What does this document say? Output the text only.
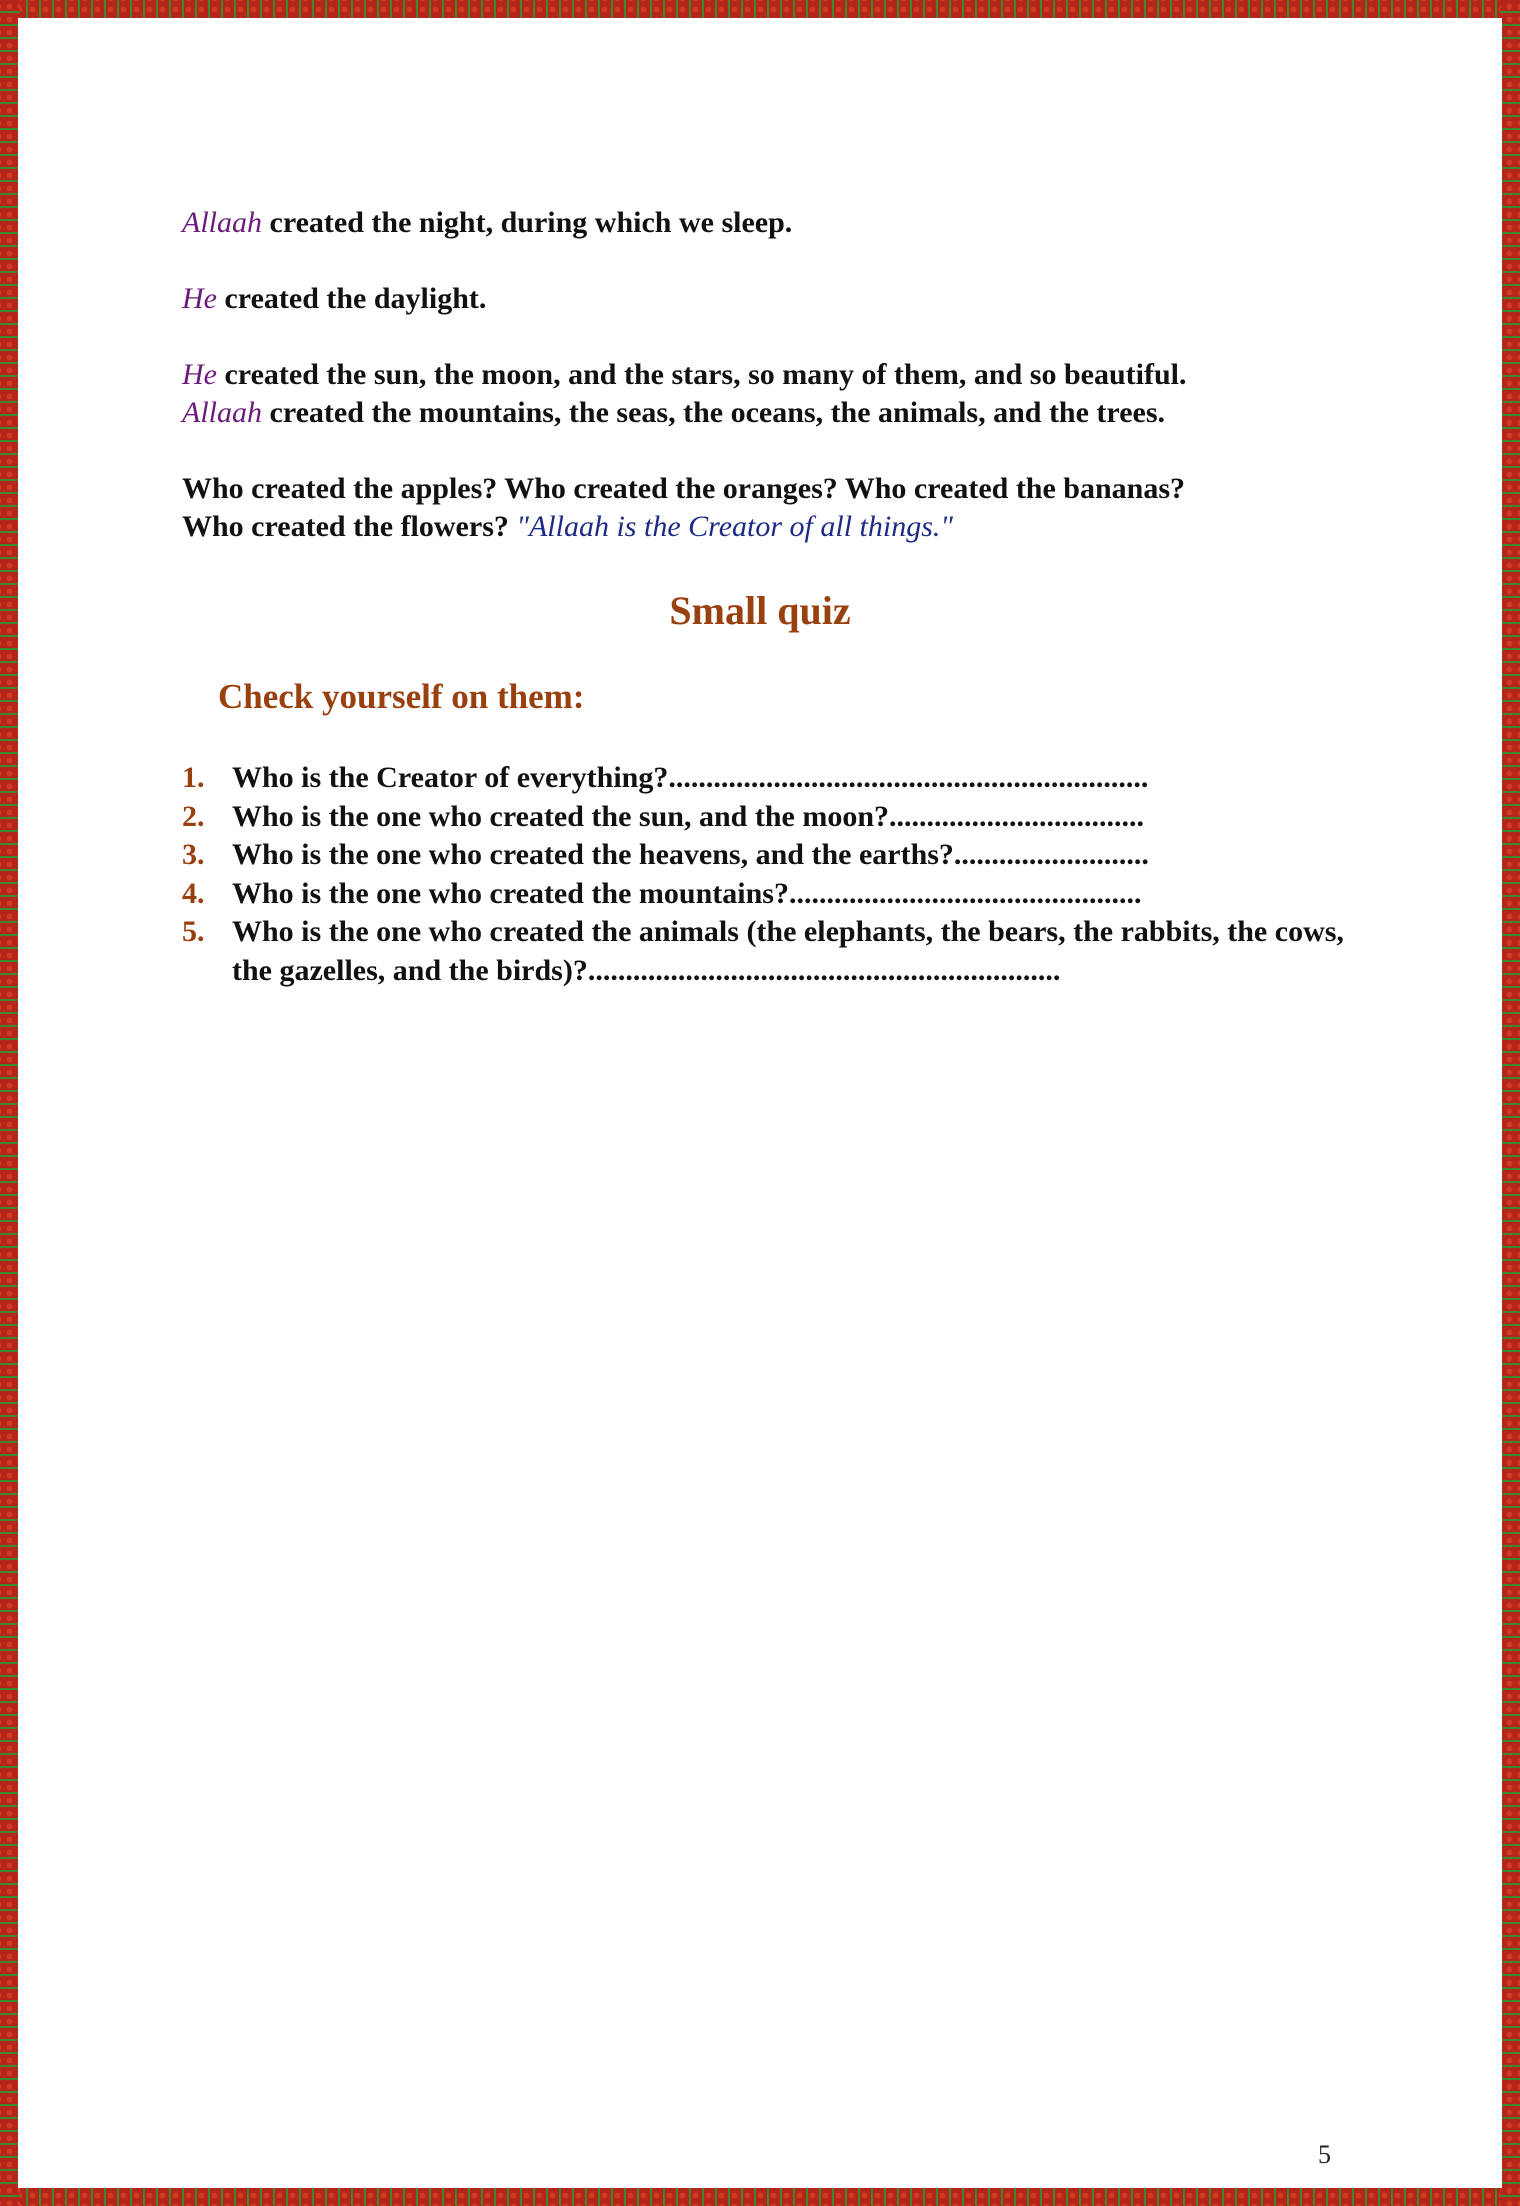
Allaah created the night, during which we sleep.

He created the daylight.

He created the sun, the moon, and the stars, so many of them, and so beautiful.

Allaah created the mountains, the seas, the oceans, the animals, and the trees.

Who created the apples? Who created the oranges? Who created the bananas?

Who created the flowers? "Allaah is the Creator of all things."

Small quiz
Check yourself on them:
1. Who is the Creator of everything?................................................................
2. Who is the one who created the sun, and the moon?..................................
3. Who is the one who created the heavens, and the earths?..........................
4. Who is the one who created the mountains?...............................................
5. Who is the one who created the animals (the elephants, the bears, the rabbits, the cows, the gazelles, and the birds)?...............................................................
5
